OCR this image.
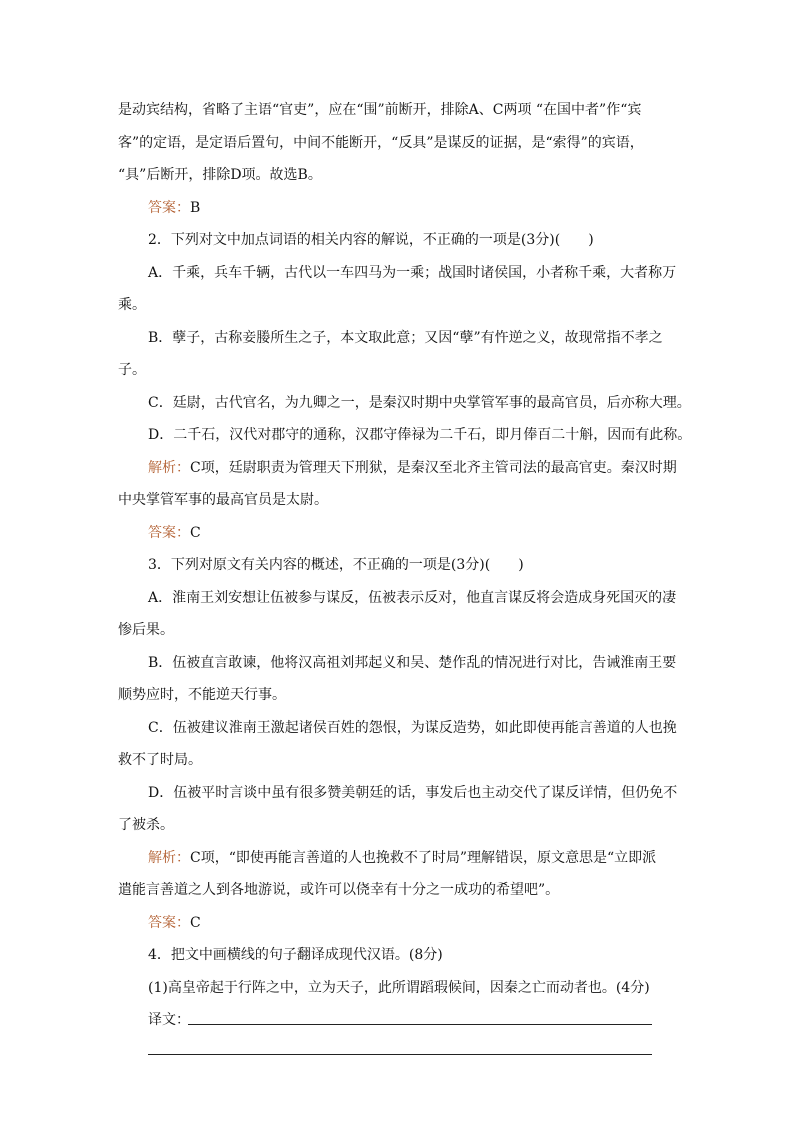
是动宾结构，省略了主语“官吏”，应在“围”前断开，排除A、C两项 “在国中者”作“宾
客”的定语，是定语后置句，中间不能断开，“反具”是谋反的证据，是“索得”的宾语，
“具”后断开，排除D项。故选B。
答案：B
2．下列对文中加点词语的相关内容的解说，不正确的一项是(3分)(　　)
A．千乘，兵车千辆，古代以一车四马为一乘；战国时诸侯国，小者称千乘，大者称万
乘。
B．孽子，古称妾媵所生之子，本文取此意；又因“孽”有忤逆之义，故现常指不孝之
子。
C．廷尉，古代官名，为九卿之一，是秦汉时期中央掌管军事的最高官员，后亦称大理。
D．二千石，汉代对郡守的通称，汉郡守俸禄为二千石，即月俸百二十斛，因而有此称。
解析：C项，廷尉职责为管理天下刑狱，是秦汉至北齐主管司法的最高官吏。秦汉时期
中央掌管军事的最高官员是太尉。
答案：C
3．下列对原文有关内容的概述，不正确的一项是(3分)(　　)
A．淮南王刘安想让伍被参与谋反，伍被表示反对，他直言谋反将会造成身死国灭的凄
惨后果。
B．伍被直言敢谏，他将汉高祖刘邦起义和吴、楚作乱的情况进行对比，告诫淮南王要
顺势应时，不能逆天行事。
C．伍被建议淮南王激起诸侯百姓的怨恨，为谋反造势，如此即使再能言善道的人也挽
救不了时局。
D．伍被平时言谈中虽有很多赞美朝廷的话，事发后也主动交代了谋反详情，但仍免不
了被杀。
解析：C项，“即使再能言善道的人也挽救不了时局”理解错误，原文意思是“立即派
遣能言善道之人到各地游说，或许可以侥幸有十分之一成功的希望吧”。
答案：C
4．把文中画横线的句子翻译成现代汉语。(8分)
(1)高皇帝起于行阵之中，立为天子，此所谓蹈瑕候间，因秦之亡而动者也。(4分)
译文：
